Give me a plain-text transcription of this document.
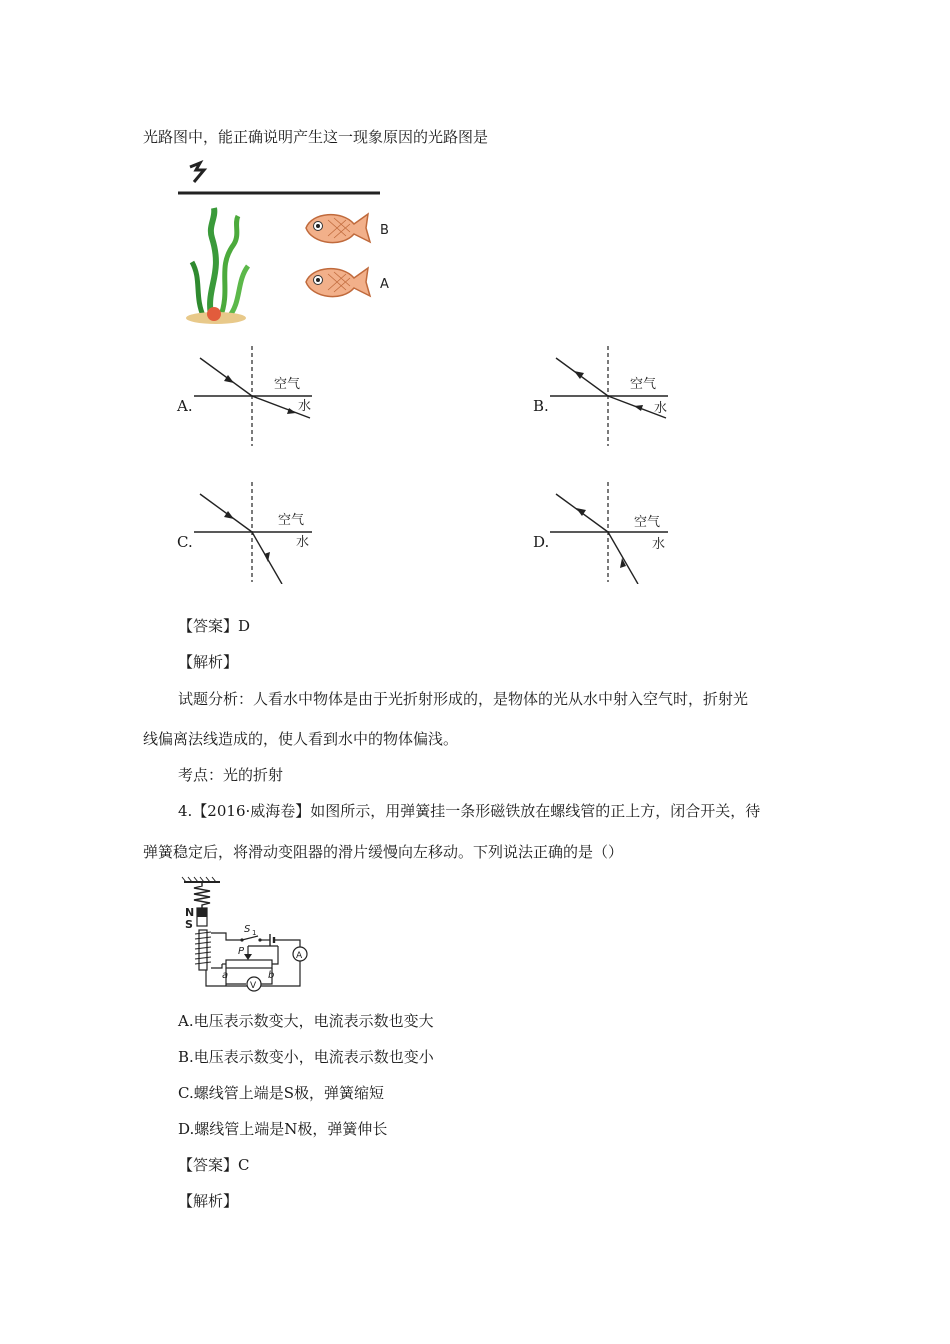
光路图中，能正确说明产生这一现象原因的光路图是
B
A
A.
空气
水	B.
空气
水
C.
空气
水	D.
空气
水
【答案】D
【解析】
试题分析：人看水中物体是由于光折射形成的，是物体的光从水中射入空气时，折射光
线偏离法线造成的，使人看到水中的物体偏浅。
考点：光的折射
4.【2016·威海卷】如图所示，用弹簧挂一条形磁铁放在螺线管的正上方，闭合开关，待
弹簧稳定后，将滑动变阻器的滑片缓慢向左移动。下列说法正确的是（）
N
S	S 1
A
P
a	b
V
A.电压表示数变大，电流表示数也变大
B.电压表示数变小，电流表示数也变小
C.螺线管上端是S极，弹簧缩短
D.螺线管上端是N极，弹簧伸长
【答案】C
【解析】
